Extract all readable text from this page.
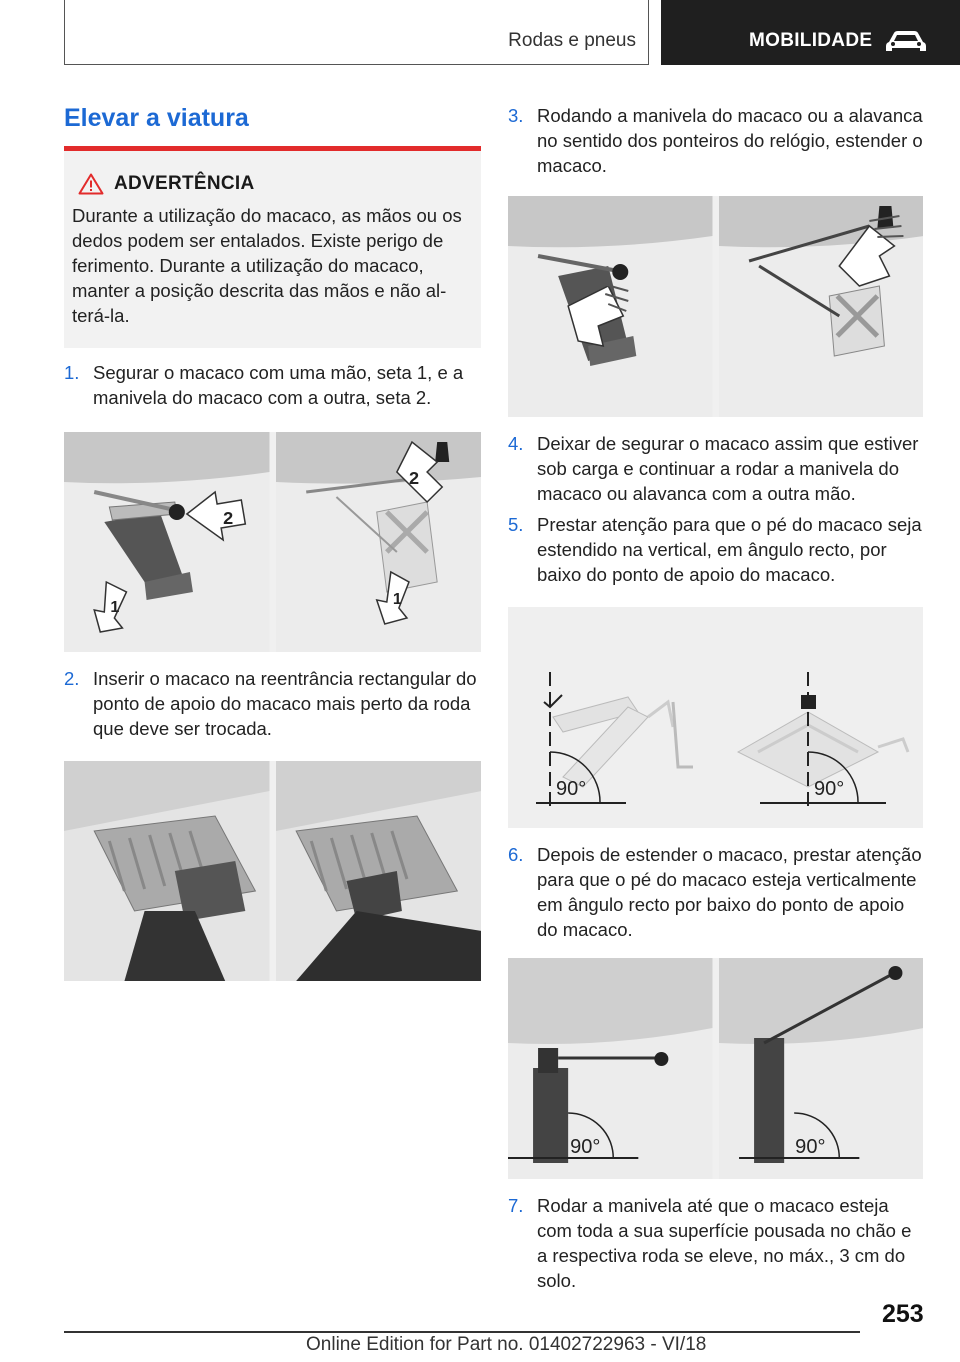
Rodas e pneus	MOBILIDADE
Elevar a viatura
ADVERTÊNCIA
Durante a utilização do macaco, as mãos ou os dedos podem ser entalados. Existe perigo de ferimento. Durante a utilização do macaco, manter a posição descrita das mãos e não alterá-la.
1. Segurar o macaco com uma mão, seta 1, e a manivela do macaco com a outra, seta 2.
2
1
2
1
2. Inserir o macaco na reentrância rectangular do ponto de apoio do macaco mais perto da roda que deve ser trocada.
3. Rodando a manivela do macaco ou a alavanca no sentido dos ponteiros do relógio, estender o macaco.
4. Deixar de segurar o macaco assim que estiver sob carga e continuar a rodar a manivela do macaco ou alavanca com a outra mão.
5. Prestar atenção para que o pé do macaco seja estendido na vertical, em ângulo recto, por baixo do ponto de apoio do macaco.
90°	90°
6. Depois de estender o macaco, prestar atenção para que o pé do macaco esteja verticalmente em ângulo recto por baixo do ponto de apoio do macaco.
90°	90°
7. Rodar a manivela até que o macaco esteja com toda a sua superfície pousada no chão e a respectiva roda se eleve, no máx., 3 cm do solo.
253
Online Edition for Part no. 01402722963 - VI/18
